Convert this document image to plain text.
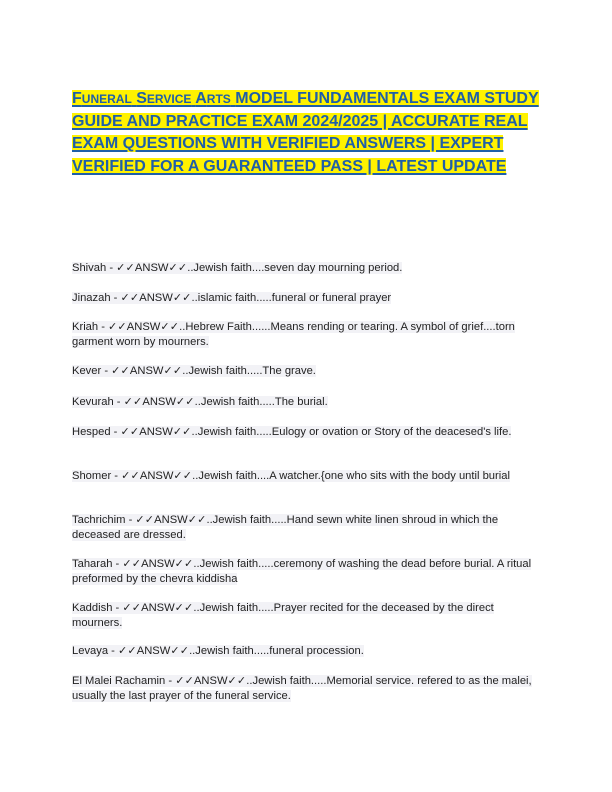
FUNERAL SERVICE ARTS MODEL FUNDAMENTALS EXAM STUDY GUIDE AND PRACTICE EXAM 2024/2025 | ACCURATE REAL EXAM QUESTIONS WITH VERIFIED ANSWERS | EXPERT VERIFIED FOR A GUARANTEED PASS | LATEST UPDATE

Shivah - ✓✓ANSW✓✓..Jewish faith....seven day mourning period.

Jinazah - ✓✓ANSW✓✓..islamic faith.....funeral or funeral prayer

Kriah - ✓✓ANSW✓✓..Hebrew Faith......Means rending or tearing. A symbol of grief....torn garment worn by mourners.

Kever - ✓✓ANSW✓✓..Jewish faith.....The grave.

Kevurah - ✓✓ANSW✓✓..Jewish faith.....The burial.

Hesped - ✓✓ANSW✓✓..Jewish faith.....Eulogy or ovation or Story of the deacesed's life.

Shomer - ✓✓ANSW✓✓..Jewish faith....A watcher.{one who sits with the body until burial

Tachrichim - ✓✓ANSW✓✓..Jewish faith.....Hand sewn white linen shroud in which the deceased are dressed.

Taharah - ✓✓ANSW✓✓..Jewish faith.....ceremony of washing the dead before burial. A ritual preformed by the chevra kiddisha

Kaddish - ✓✓ANSW✓✓..Jewish faith.....Prayer recited for the deceased by the direct mourners.

Levaya - ✓✓ANSW✓✓..Jewish faith.....funeral procession.

El Malei Rachamin - ✓✓ANSW✓✓..Jewish faith.....Memorial service. refered to as the malei, usually the last prayer of the funeral service.
